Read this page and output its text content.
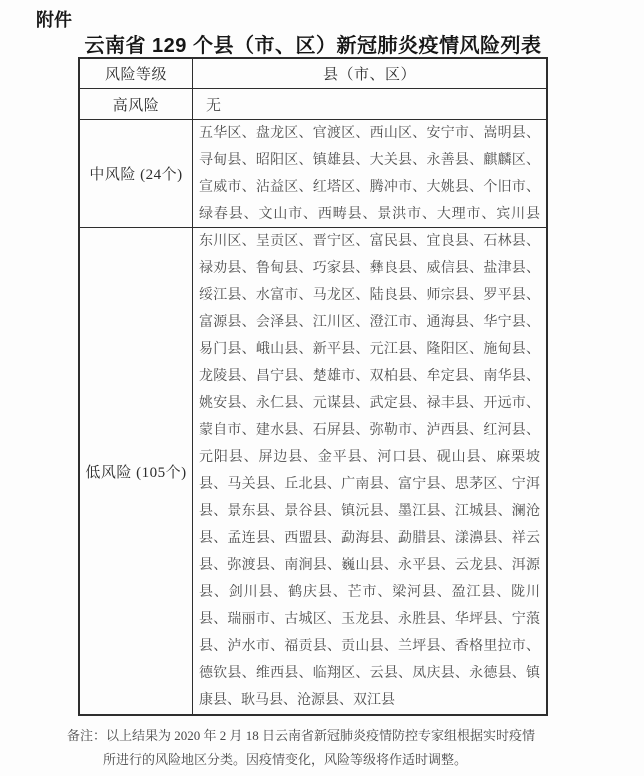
附件
云南省 129 个县（市、区）新冠肺炎疫情风险列表
风险等级	县（市、区）
高风险	无
中风险 (24个)
五华区、盘龙区、官渡区、西山区、安宁市、嵩明县、寻甸县、昭阳区、镇雄县、大关县、永善县、麒麟区、宣威市、沾益区、红塔区、腾冲市、大姚县、个旧市、绿春县、文山市、西畴县、景洪市、大理市、宾川县
低风险 (105个)
东川区、呈贡区、晋宁区、富民县、宜良县、石林县、禄劝县、鲁甸县、巧家县、彝良县、威信县、盐津县、绥江县、水富市、马龙区、陆良县、师宗县、罗平县、富源县、会泽县、江川区、澄江市、通海县、华宁县、易门县、峨山县、新平县、元江县、隆阳区、施甸县、龙陵县、昌宁县、楚雄市、双柏县、牟定县、南华县、姚安县、永仁县、元谋县、武定县、禄丰县、开远市、蒙自市、建水县、石屏县、弥勒市、泸西县、红河县、元阳县、屏边县、金平县、河口县、砚山县、麻栗坡县、马关县、丘北县、广南县、富宁县、思茅区、宁洱县、景东县、景谷县、镇沅县、墨江县、江城县、澜沧县、孟连县、西盟县、勐海县、勐腊县、漾濞县、祥云县、弥渡县、南涧县、巍山县、永平县、云龙县、洱源县、剑川县、鹤庆县、芒市、梁河县、盈江县、陇川县、瑞丽市、古城区、玉龙县、永胜县、华坪县、宁蒗县、泸水市、福贡县、贡山县、兰坪县、香格里拉市、德钦县、维西县、临翔区、云县、凤庆县、永德县、镇康县、耿马县、沧源县、双江县
备注：以上结果为 2020 年 2 月 18 日云南省新冠肺炎疫情防控专家组根据实时疫情
所进行的风险地区分类。因疫情变化，风险等级将作适时调整。
